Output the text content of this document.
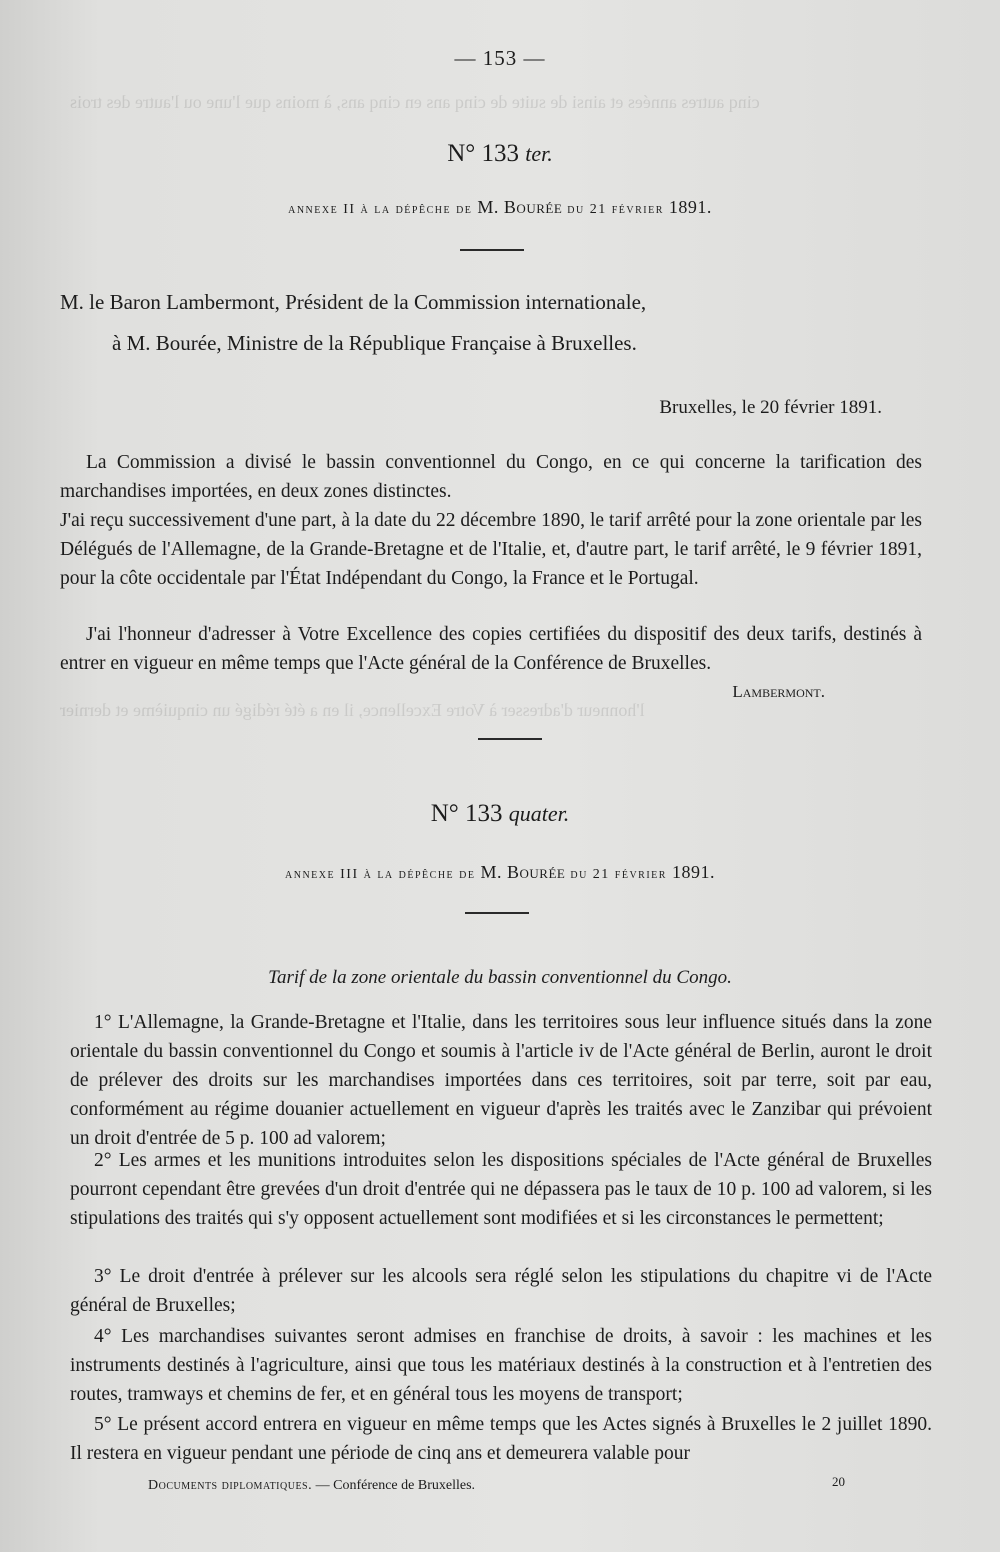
cinq autres années et ainsi de suite de cinq ans en cinq ans, à moins que l'une ou l'autre des trois
l'honneur d'adresser à Votre Excellence, il en a été rédigé un cinquième et dernier
— 153 —
N° 133 ter.
annexe II à la dépêche de M. Bourée du 21 février 1891.
M. le Baron Lambermont, Président de la Commission internationale,
à M. Bourée, Ministre de la République Française à Bruxelles.
Bruxelles, le 20 février 1891.

La Commission a divisé le bassin conventionnel du Congo, en ce qui concerne la tarification des marchandises importées, en deux zones distinctes.

J'ai reçu successivement d'une part, à la date du 22 décembre 1890, le tarif arrêté pour la zone orientale par les Délégués de l'Allemagne, de la Grande-Bretagne et de l'Italie, et, d'autre part, le tarif arrêté, le 9 février 1891, pour la côte occidentale par l'État Indépendant du Congo, la France et le Portugal.

J'ai l'honneur d'adresser à Votre Excellence des copies certifiées du dispositif des deux tarifs, destinés à entrer en vigueur en même temps que l'Acte général de la Conférence de Bruxelles.

Lambermont.
N° 133 quater.
annexe III à la dépêche de M. Bourée du 21 février 1891.
Tarif de la zone orientale du bassin conventionnel du Congo.

1° L'Allemagne, la Grande-Bretagne et l'Italie, dans les territoires sous leur influence situés dans la zone orientale du bassin conventionnel du Congo et soumis à l'article iv de l'Acte général de Berlin, auront le droit de prélever des droits sur les marchandises importées dans ces territoires, soit par terre, soit par eau, conformément au régime douanier actuellement en vigueur d'après les traités avec le Zanzibar qui prévoient un droit d'entrée de 5 p. 100 ad valorem;

2° Les armes et les munitions introduites selon les dispositions spéciales de l'Acte général de Bruxelles pourront cependant être grevées d'un droit d'entrée qui ne dépassera pas le taux de 10 p. 100 ad valorem, si les stipulations des traités qui s'y opposent actuellement sont modifiées et si les circonstances le permettent;

3° Le droit d'entrée à prélever sur les alcools sera réglé selon les stipulations du chapitre vi de l'Acte général de Bruxelles;

4° Les marchandises suivantes seront admises en franchise de droits, à savoir : les machines et les instruments destinés à l'agriculture, ainsi que tous les matériaux destinés à la construction et à l'entretien des routes, tramways et chemins de fer, et en général tous les moyens de transport;

5° Le présent accord entrera en vigueur en même temps que les Actes signés à Bruxelles le 2 juillet 1890. Il restera en vigueur pendant une période de cinq ans et demeurera valable pour

Documents diplomatiques. — Conférence de Bruxelles.	20
